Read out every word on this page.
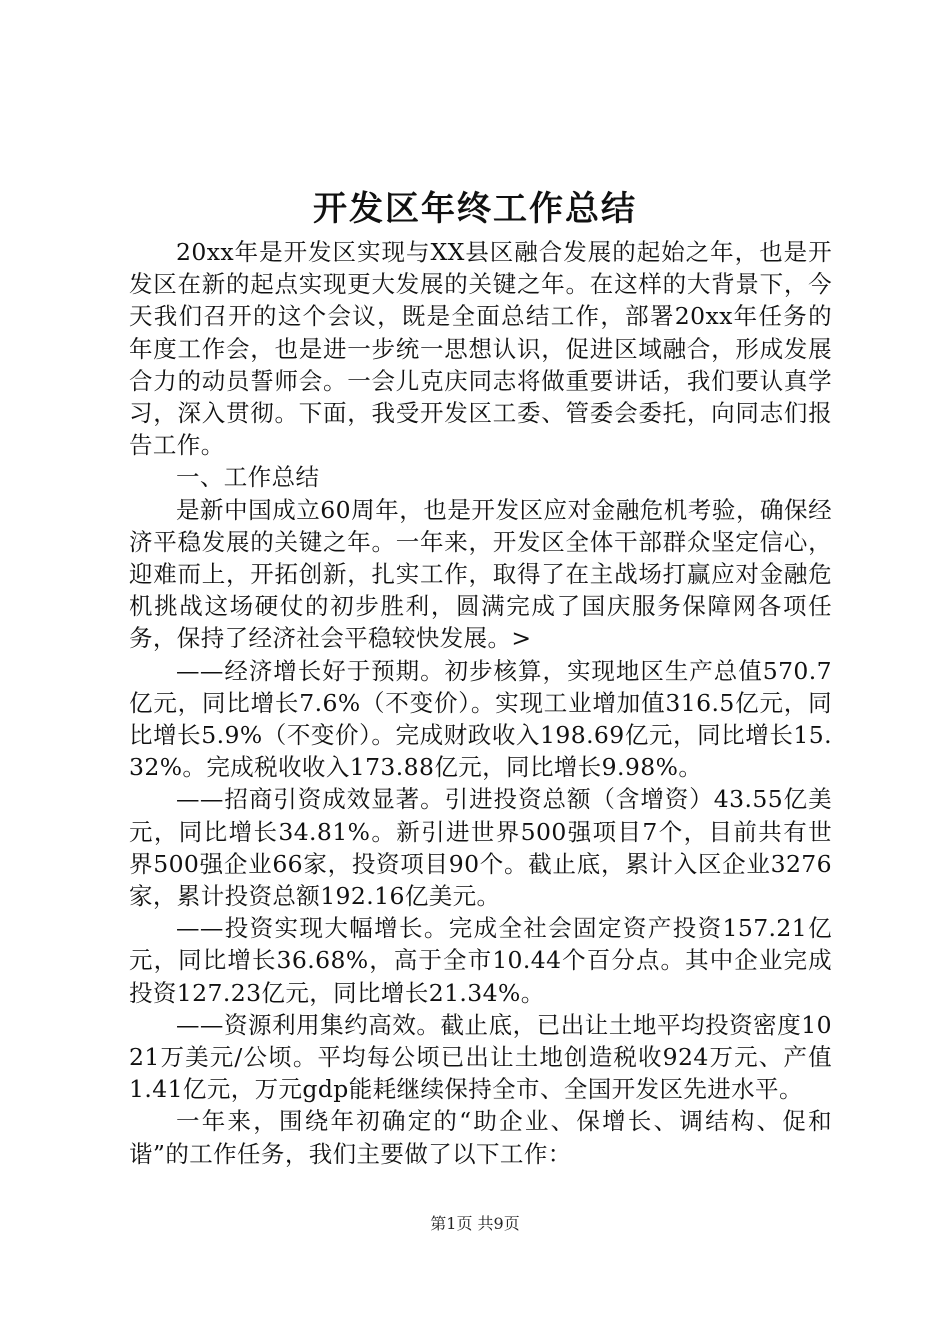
开发区年终工作总结

20xx年是开发区实现与XX县区融合发展的起始之年，也是开发区在新的起点实现更大发展的关键之年。在这样的大背景下，今天我们召开的这个会议，既是全面总结工作，部署20xx年任务的年度工作会，也是进一步统一思想认识，促进区域融合，形成发展合力的动员誓师会。一会儿克庆同志将做重要讲话，我们要认真学习，深入贯彻。下面，我受开发区工委、管委会委托，向同志们报告工作。

一、工作总结

是新中国成立60周年，也是开发区应对金融危机考验，确保经济平稳发展的关键之年。一年来，开发区全体干部群众坚定信心，迎难而上，开拓创新，扎实工作，取得了在主战场打赢应对金融危机挑战这场硬仗的初步胜利，圆满完成了国庆服务保障网各项任务，保持了经济社会平稳较快发展。>

——经济增长好于预期。初步核算，实现地区生产总值570.7亿元，同比增长7.6%（不变价）。实现工业增加值316.5亿元，同比增长5.9%（不变价）。完成财政收入198.69亿元，同比增长15.32%。完成税收收入173.88亿元，同比增长9.98%。

——招商引资成效显著。引进投资总额（含增资）43.55亿美元，同比增长34.81%。新引进世界500强项目7个，目前共有世界500强企业66家，投资项目90个。截止底，累计入区企业3276家，累计投资总额192.16亿美元。

——投资实现大幅增长。完成全社会固定资产投资157.21亿元，同比增长36.68%，高于全市10.44个百分点。其中企业完成投资127.23亿元，同比增长21.34%。

——资源利用集约高效。截止底，已出让土地平均投资密度1021万美元/公顷。平均每公顷已出让土地创造税收924万元、产值1.41亿元，万元gdp能耗继续保持全市、全国开发区先进水平。

一年来，围绕年初确定的“助企业、保增长、调结构、促和谐”的工作任务，我们主要做了以下工作：

第1页 共9页
